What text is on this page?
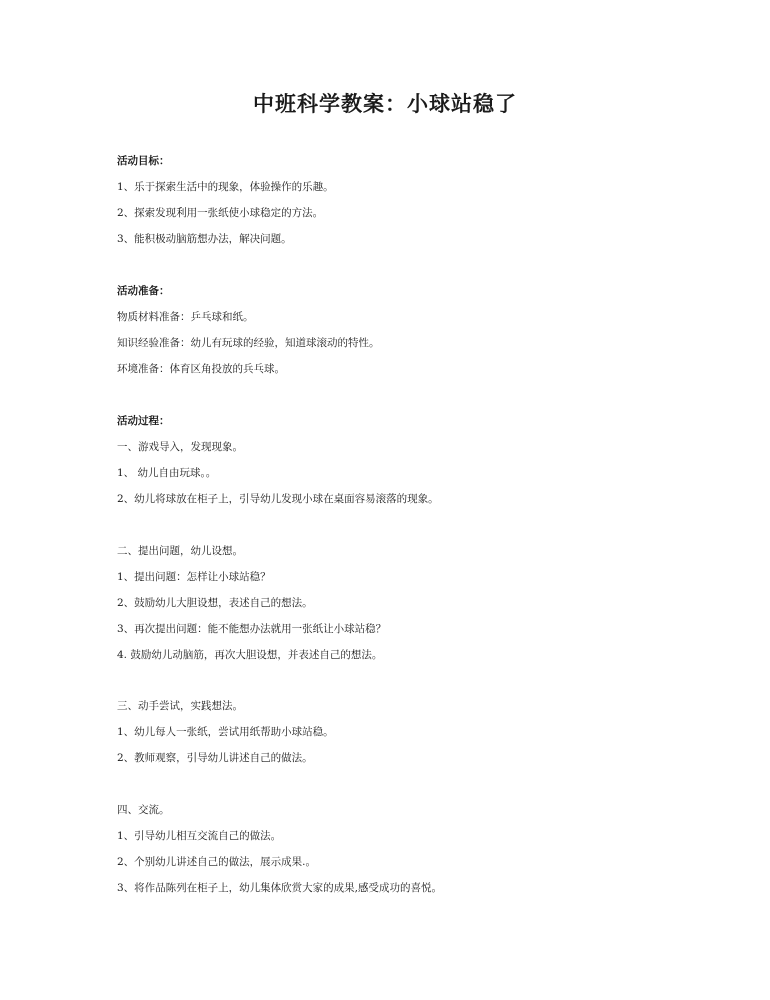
中班科学教案：小球站稳了
活动目标：
1、乐于探索生活中的现象，体验操作的乐趣。
2、探索发现利用一张纸使小球稳定的方法。
3、能积极动脑筋想办法，解决问题。
活动准备：
物质材料准备：乒乓球和纸。
知识经验准备：幼儿有玩球的经验，知道球滚动的特性。
环境准备：体育区角投放的兵乓球。
活动过程：
一、游戏导入，发现现象。
1、 幼儿自由玩球。。
2、幼儿将球放在柜子上，引导幼儿发现小球在桌面容易滚落的现象。
二、提出问题，幼儿设想。
1、提出问题：怎样让小球站稳？
2、鼓励幼儿大胆设想，表述自己的想法。
3、再次提出问题：能不能想办法就用一张纸让小球站稳？
4. 鼓励幼儿动脑筋，再次大胆设想，并表述自己的想法。
三、动手尝试，实践想法。
1、幼儿每人一张纸，尝试用纸帮助小球站稳。
2、教师观察，引导幼儿讲述自己的做法。
四、交流。
1、引导幼儿相互交流自己的做法。
2、个别幼儿讲述自己的做法，展示成果.。
3、将作品陈列在柜子上，幼儿集体欣赏大家的成果,感受成功的喜悦。
